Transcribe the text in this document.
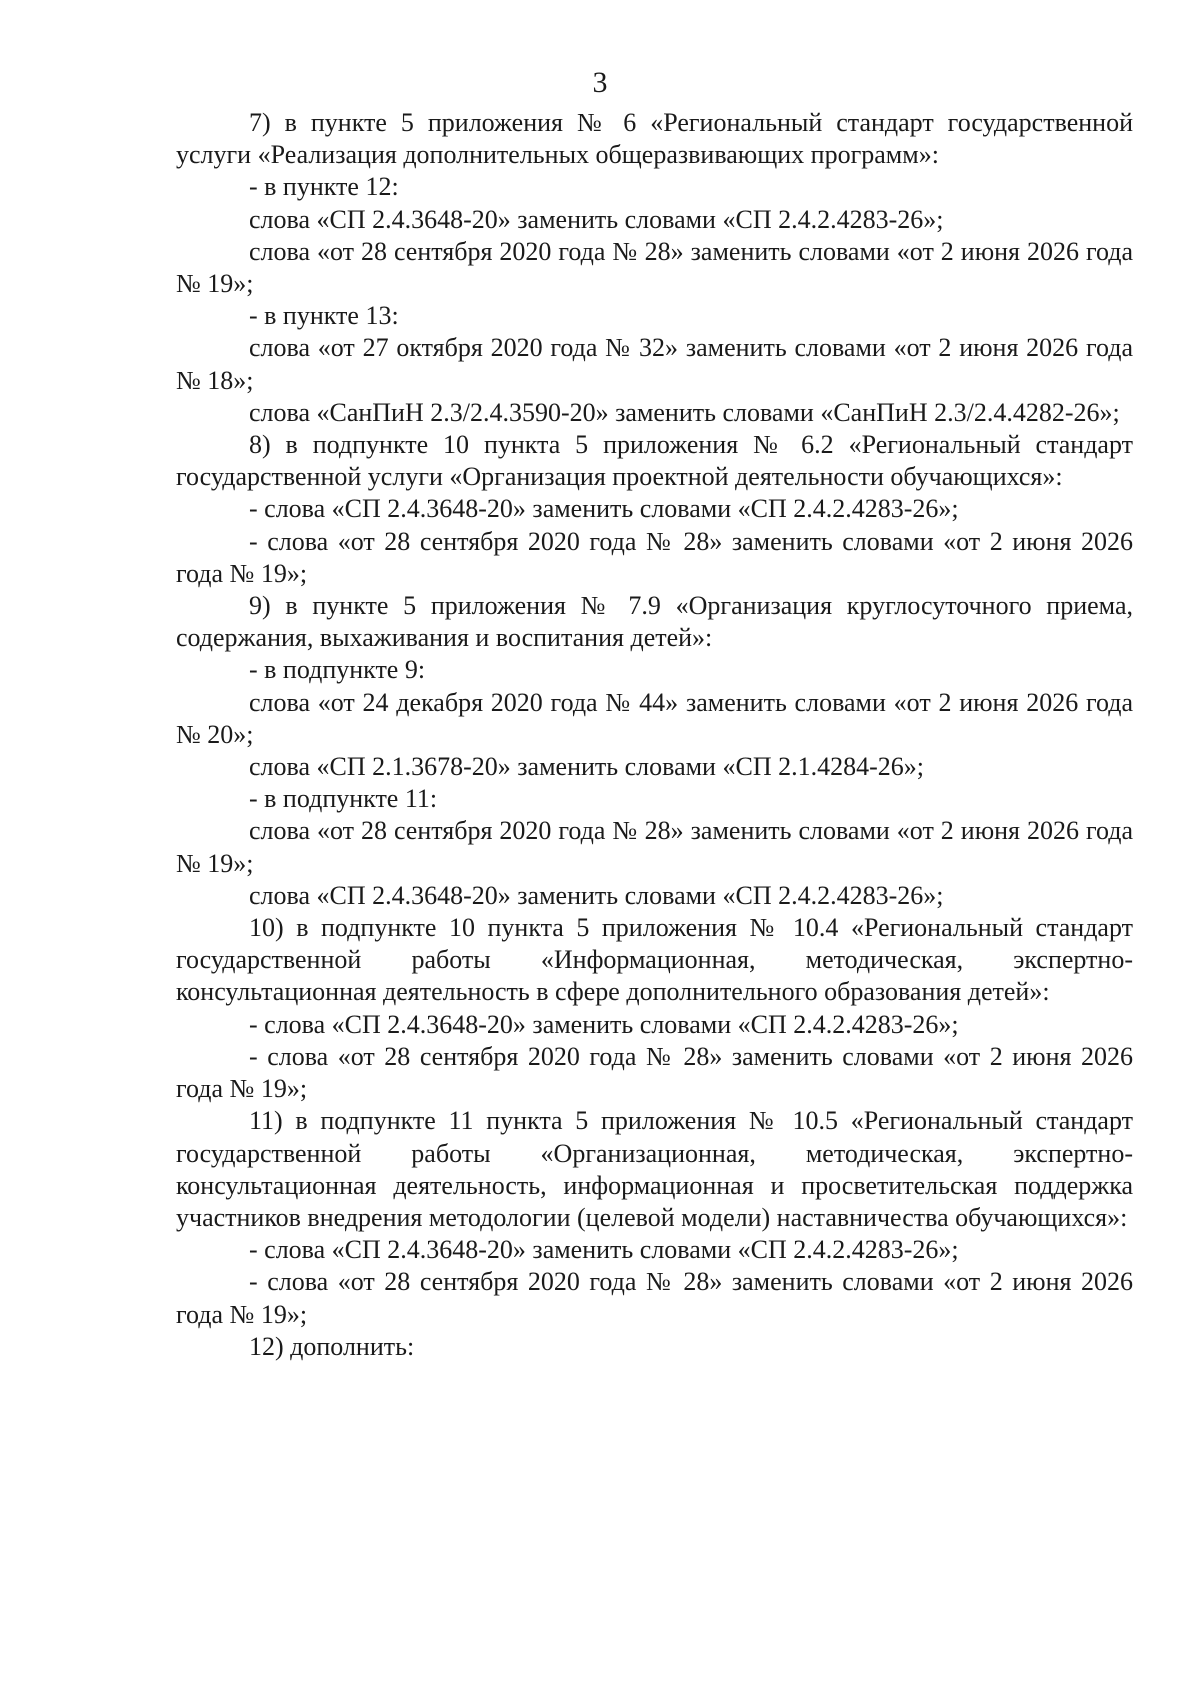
3

7) в пункте 5 приложения № 6 «Региональный стандарт государственной услуги «Реализация дополнительных общеразвивающих программ»:

- в пункте 12:

слова «СП 2.4.3648-20» заменить словами «СП 2.4.2.4283-26»;

слова «от 28 сентября 2020 года № 28» заменить словами «от 2 июня 2026 года № 19»;

- в пункте 13:

слова «от 27 октября 2020 года № 32» заменить словами «от 2 июня 2026 года № 18»;

слова «СанПиН 2.3/2.4.3590-20» заменить словами «СанПиН 2.3/2.4.4282-26»;

8) в подпункте 10 пункта 5 приложения № 6.2 «Региональный стандарт государственной услуги «Организация проектной деятельности обучающихся»:

- слова «СП 2.4.3648-20» заменить словами «СП 2.4.2.4283-26»;

- слова «от 28 сентября 2020 года № 28» заменить словами «от 2 июня 2026 года № 19»;

9) в пункте 5 приложения № 7.9 «Организация круглосуточного приема, содержания, выхаживания и воспитания детей»:

- в подпункте 9:

слова «от 24 декабря 2020 года № 44» заменить словами «от 2 июня 2026 года № 20»;

слова «СП 2.1.3678-20» заменить словами «СП 2.1.4284-26»;

- в подпункте 11:

слова «от 28 сентября 2020 года № 28» заменить словами «от 2 июня 2026 года № 19»;

слова «СП 2.4.3648-20» заменить словами «СП 2.4.2.4283-26»;

10) в подпункте 10 пункта 5 приложения № 10.4 «Региональный стандарт государственной работы «Информационная, методическая, экспертно-консультационная деятельность в сфере дополнительного образования детей»:

- слова «СП 2.4.3648-20» заменить словами «СП 2.4.2.4283-26»;

- слова «от 28 сентября 2020 года № 28» заменить словами «от 2 июня 2026 года № 19»;

11) в подпункте 11 пункта 5 приложения № 10.5 «Региональный стандарт государственной работы «Организационная, методическая, экспертно-консультационная деятельность, информационная и просветительская поддержка участников внедрения методологии (целевой модели) наставничества обучающихся»:

- слова «СП 2.4.3648-20» заменить словами «СП 2.4.2.4283-26»;

- слова «от 28 сентября 2020 года № 28» заменить словами «от 2 июня 2026 года № 19»;

12) дополнить:
